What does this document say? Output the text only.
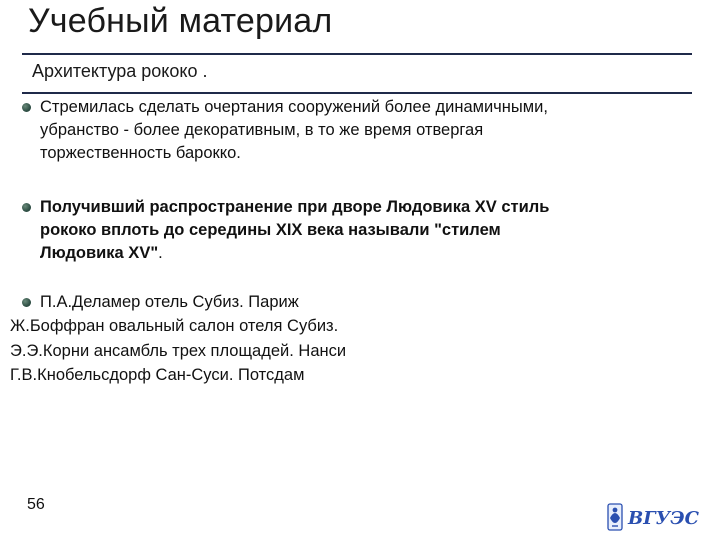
Учебный материал
Архитектура рококо .

Стремилась сделать очертания сооружений более динамичными,
убранство - более декоративным, в то же время отвергая
торжественность барокко.

Получивший распространение при дворе Людовика XV стиль
рококо вплоть до середины XIX века называли "стилем
Людовика XV".

П.А.Деламер отель Субиз. Париж

Ж.Боффран овальный салон отеля Субиз.

Э.Э.Корни ансамбль трех площадей. Нанси

Г.В.Кнобельсдорф Сан-Суси. Потсдам

56
ВГУЭС
